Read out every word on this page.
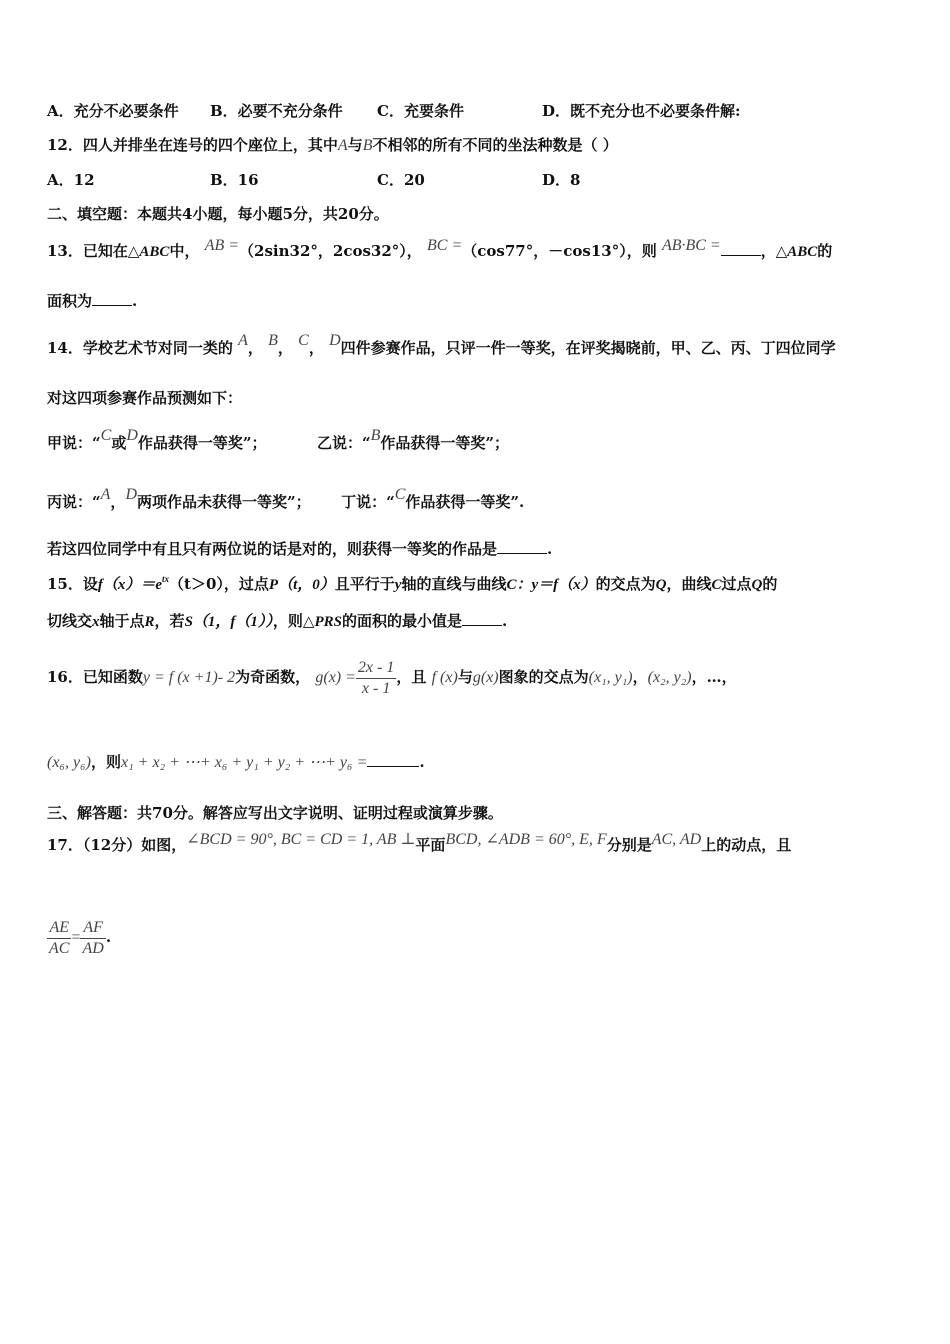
A．充分不必要条件 B．必要不充分条件 C．充要条件	D．既不充分也不必要条件解:
12．四人并排坐在连号的四个座位上，其中A与B不相邻的所有不同的坐法种数是（ ）
A．12	B．16	C．20	D．8
二、填空题：本题共4小题，每小题5分，共20分。
13．已知在△ABC中， AB =（2sin32°，2cos32°）， BC =（cos77°，－cos13°），则 AB∙BC =	，△ABC的
面积为	.
14．学校艺术节对同一类的 A， B， C， D四件参赛作品，只评一件一等奖，在评奖揭晓前，甲、乙、丙、丁四位同学
对这四项参赛作品预测如下：
甲说：“C或D作品获得一等奖”；	乙说：“B作品获得一等奖”；
丙说：“A，D两项作品未获得一等奖”； 丁说：“C作品获得一等奖”.
若这四位同学中有且只有两位说的话是对的，则获得一等奖的作品是	.
15．设$f(x)=e^{tx}(t>0)$，过点P（t，0）且平行于y轴的直线与曲线C：y＝f（x）的交点为Q，曲线C过点Q的
切线交x轴于点R，若S（1，f（1）），则△PRS的面积的最小值是	.
16．已知函数y = f (x +1)- 2为奇函数， $g(x) = \frac{2x - 1}{x - 1}$ ，且 f (x)与g(x)图象的交点为(x₁, y₁)，(x₂, y₂)，…，
(x₆, y₆)，则x₁ + x₂ + ⋯+ x₆ + y₁ + y₂ + ⋯+ y₆ =	.
三、解答题：共70分。解答应写出文字说明、证明过程或演算步骤。
17．（12分）如图，∠BCD = 90°, BC = CD = 1, AB ⊥平面BCD, ∠ADB = 60°, E, F分别是AC, AD上的动点，且
$\frac{AE}{AC} = \frac{AF}{AD}$ .
